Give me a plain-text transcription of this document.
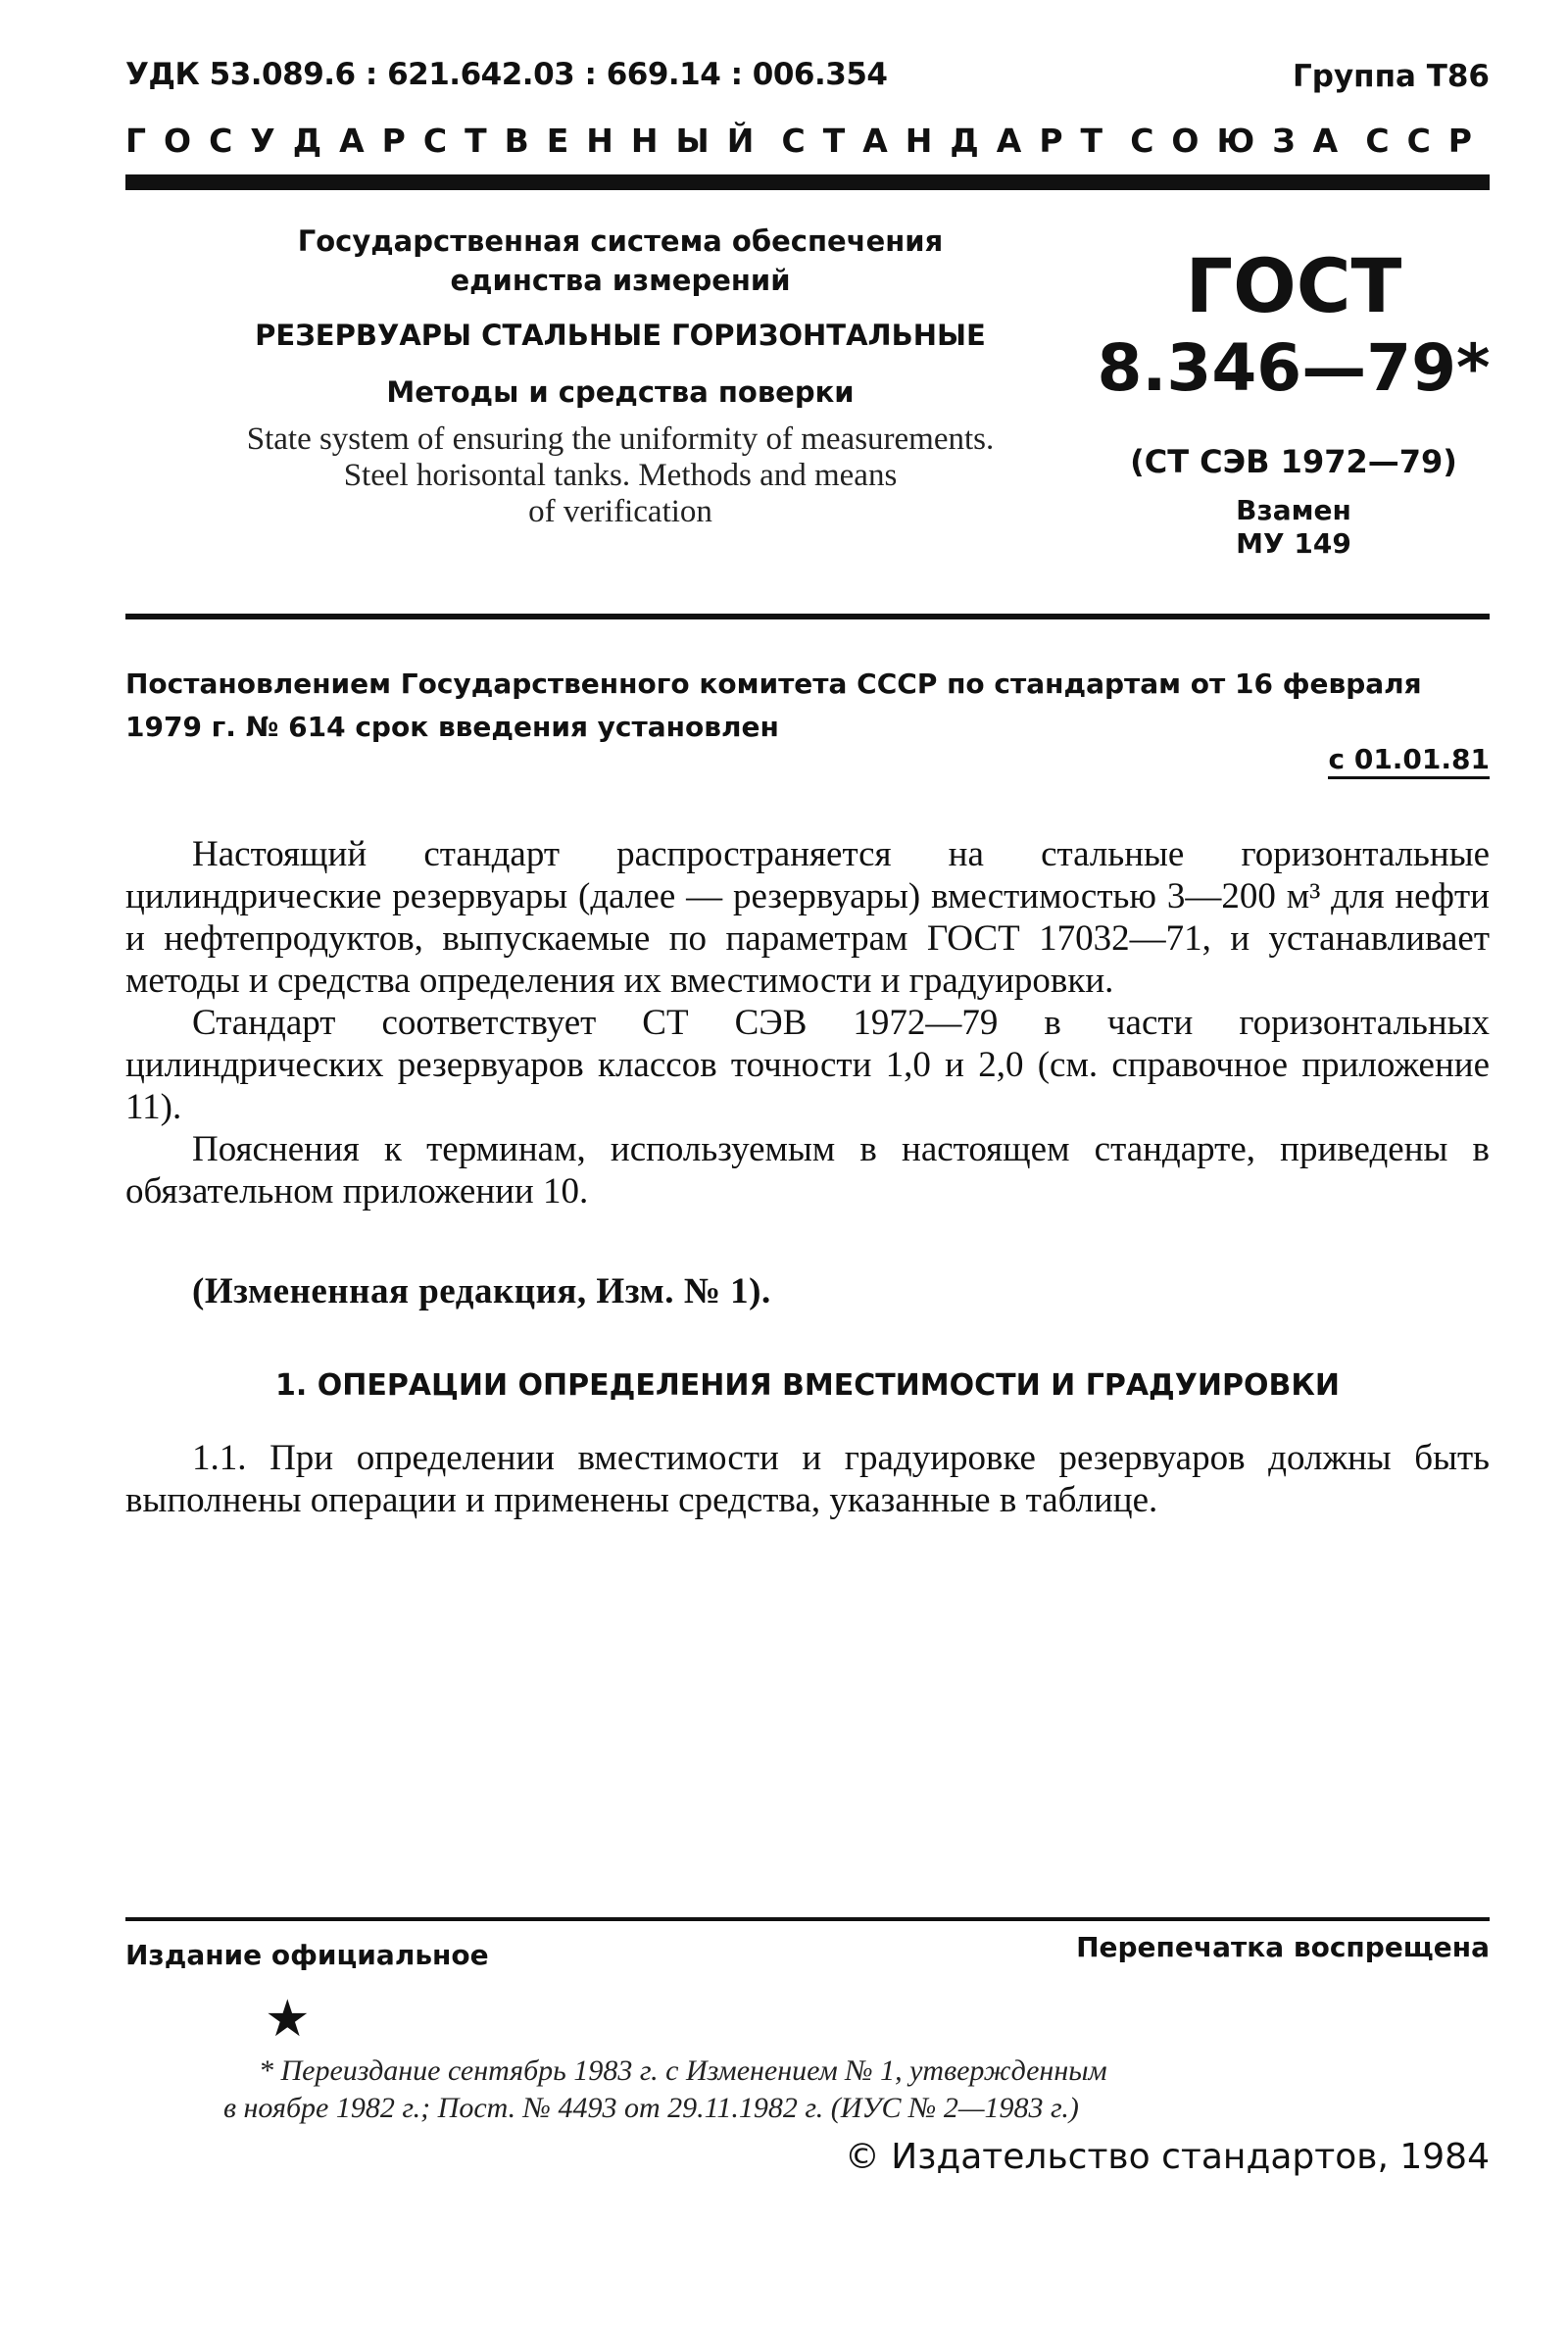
УДК 53.089.6 : 621.642.03 : 669.14 : 006.354	Группа Т86
ГОСУДАРСТВЕННЫЙ СТАНДАРТ СОЮЗА ССР
Государственная система обеспечения
единства измерений
РЕЗЕРВУАРЫ СТАЛЬНЫЕ ГОРИЗОНТАЛЬНЫЕ
Методы и средства поверки
State system of ensuring the uniformity of measurements.
Steel horisontal tanks. Methods and means
of verification
ГОСТ
8.346—79*
(СТ СЭВ 1972—79)
Взамен
МУ 149
Постановлением Государственного комитета СССР по стандартам от 16 февраля
1979 г. № 614 срок введения установлен
с 01.01.81

Настоящий стандарт распространяется на стальные горизонтальные цилиндрические резервуары (далее — резервуары) вместимостью 3—200 м³ для нефти и нефтепродуктов, выпускаемые по параметрам ГОСТ 17032—71, и устанавливает методы и средства определения их вместимости и градуировки.

Стандарт соответствует СТ СЭВ 1972—79 в части горизонтальных цилиндрических резервуаров классов точности 1,0 и 2,0 (см. справочное приложение 11).

Пояснения к терминам, используемым в настоящем стандарте, приведены в обязательном приложении 10.

(Измененная редакция, Изм. № 1).
1. ОПЕРАЦИИ ОПРЕДЕЛЕНИЯ ВМЕСТИМОСТИ И ГРАДУИРОВКИ

1.1. При определении вместимости и градуировке резервуаров должны быть выполнены операции и применены средства, указанные в таблице.

Издание официальное	Перепечатка воспрещена
★
* Переиздание сентябрь 1983 г. с Изменением № 1, утвержденным
в ноябре 1982 г.; Пост. № 4493 от 29.11.1982 г. (ИУС № 2—1983 г.)
© Издательство стандартов, 1984
